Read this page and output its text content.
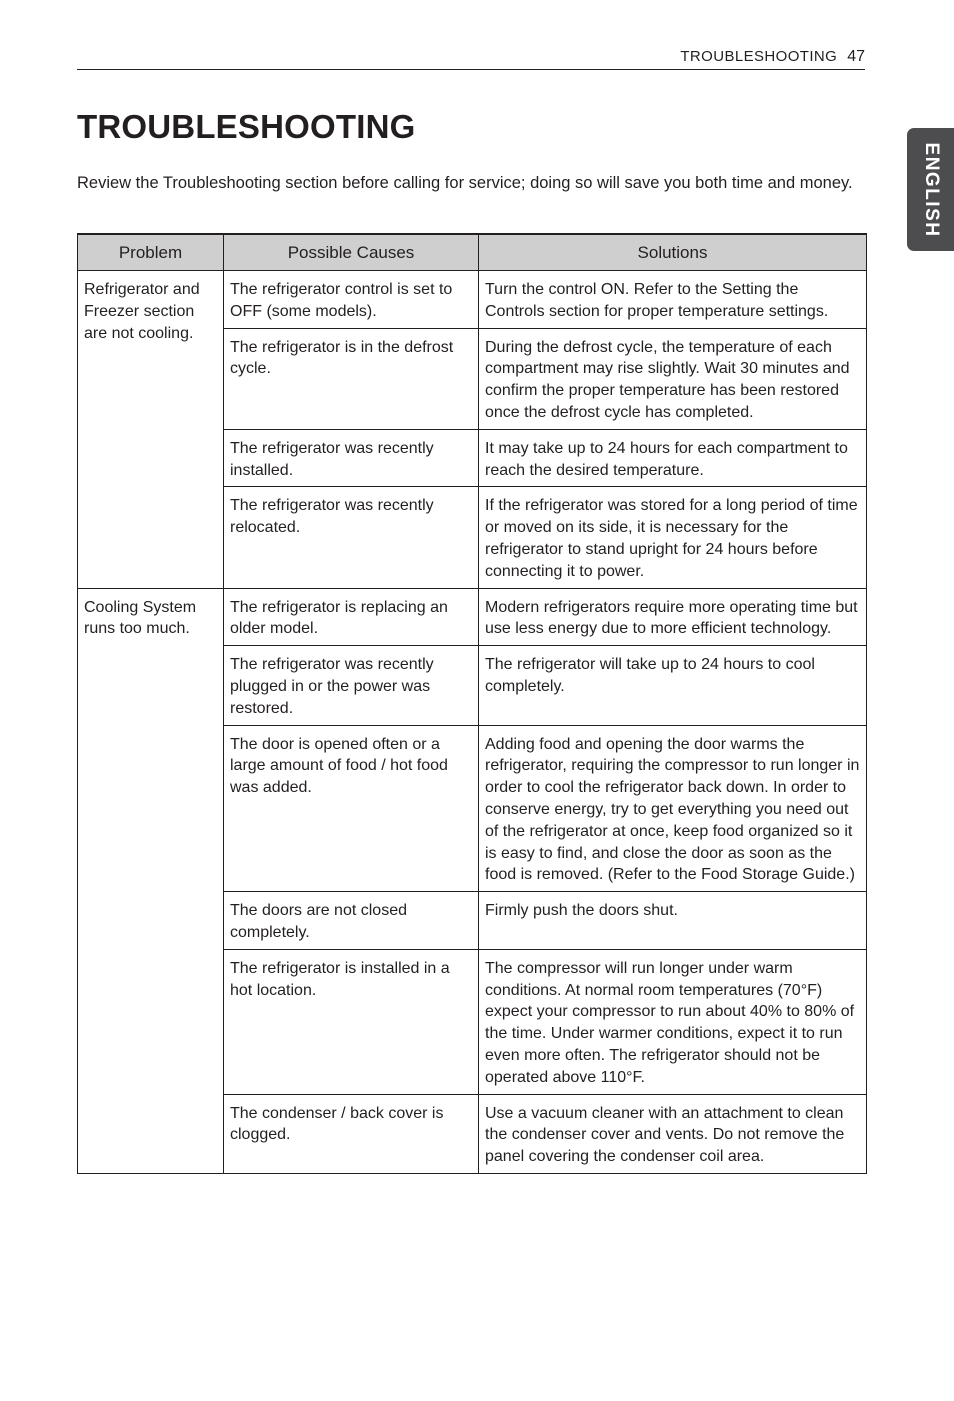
TROUBLESHOOTING 47
ENGLISH
TROUBLESHOOTING

Review the Troubleshooting section before calling for service; doing so will save you both time and money.

Problem	Possible Causes	Solutions
Refrigerator and Freezer section are not cooling.	The refrigerator control is set to OFF (some models).	Turn the control ON. Refer to the Setting the Controls section for proper temperature settings.
	The refrigerator is in the defrost cycle.	During the defrost cycle, the temperature of each compartment may rise slightly. Wait 30 minutes and confirm the proper temperature has been restored once the defrost cycle has completed.
	The refrigerator was recently installed.	It may take up to 24 hours for each compartment to reach the desired temperature.
	The refrigerator was recently relocated.	If the refrigerator was stored for a long period of time or moved on its side, it is necessary for the refrigerator to stand upright for 24 hours before connecting it to power.
Cooling System runs too much.	The refrigerator is replacing an older model.	Modern refrigerators require more operating time but use less energy due to more efficient technology.
	The refrigerator was recently plugged in or the power was restored.	The refrigerator will take up to 24 hours to cool completely.
	The door is opened often or a large amount of food / hot food was added.	Adding food and opening the door warms the refrigerator, requiring the compressor to run longer in order to cool the refrigerator back down. In order to conserve energy, try to get everything you need out of the refrigerator at once, keep food organized so it is easy to find, and close the door as soon as the food is removed. (Refer to the Food Storage Guide.)
	The doors are not closed completely.	Firmly push the doors shut.
	The refrigerator is installed in a hot location.	The compressor will run longer under warm conditions. At normal room temperatures (70°F) expect your compressor to run about 40% to 80% of the time. Under warmer conditions, expect it to run even more often. The refrigerator should not be operated above 110°F.
	The condenser / back cover is clogged.	Use a vacuum cleaner with an attachment to clean the condenser cover and vents. Do not remove the panel covering the condenser coil area.
